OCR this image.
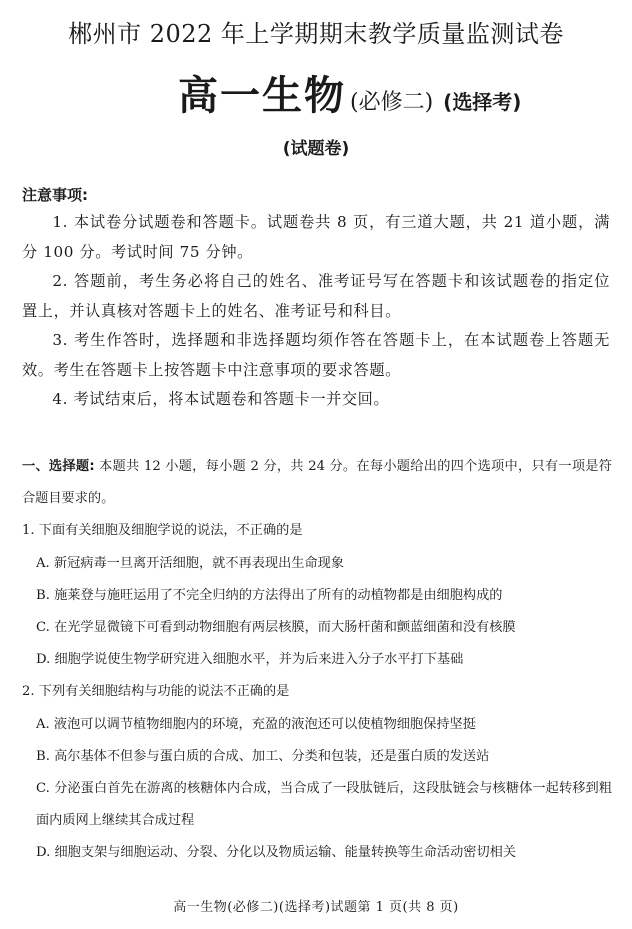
郴州市 2022 年上学期期末教学质量监测试卷
高一生物 (必修二) (选择考)
(试题卷)
注意事项:

1. 本试卷分试题卷和答题卡。试题卷共 8 页，有三道大题，共 21 道小题，满分 100 分。考试时间 75 分钟。

2. 答题前，考生务必将自己的姓名、准考证号写在答题卡和该试题卷的指定位置上，并认真核对答题卡上的姓名、准考证号和科目。

3. 考生作答时，选择题和非选择题均须作答在答题卡上，在本试题卷上答题无效。考生在答题卡上按答题卡中注意事项的要求答题。

4. 考试结束后，将本试题卷和答题卡一并交回。

一、选择题: 本题共 12 小题，每小题 2 分，共 24 分。在每小题给出的四个选项中，只有一项是符合题目要求的。

1. 下面有关细胞及细胞学说的说法，不正确的是

A. 新冠病毒一旦离开活细胞，就不再表现出生命现象

B. 施莱登与施旺运用了不完全归纳的方法得出了所有的动植物都是由细胞构成的

C. 在光学显微镜下可看到动物细胞有两层核膜，而大肠杆菌和颤蓝细菌和没有核膜

D. 细胞学说使生物学研究进入细胞水平，并为后来进入分子水平打下基础

2. 下列有关细胞结构与功能的说法不正确的是

A. 液泡可以调节植物细胞内的环境，充盈的液泡还可以使植物细胞保持坚挺

B. 高尔基体不但参与蛋白质的合成、加工、分类和包装，还是蛋白质的发送站

C. 分泌蛋白首先在游离的核糖体内合成，当合成了一段肽链后，这段肽链会与核糖体一起转移到粗面内质网上继续其合成过程

D. 细胞支架与细胞运动、分裂、分化以及物质运输、能量转换等生命活动密切相关

高一生物(必修二)(选择考)试题第 1 页(共 8 页)
